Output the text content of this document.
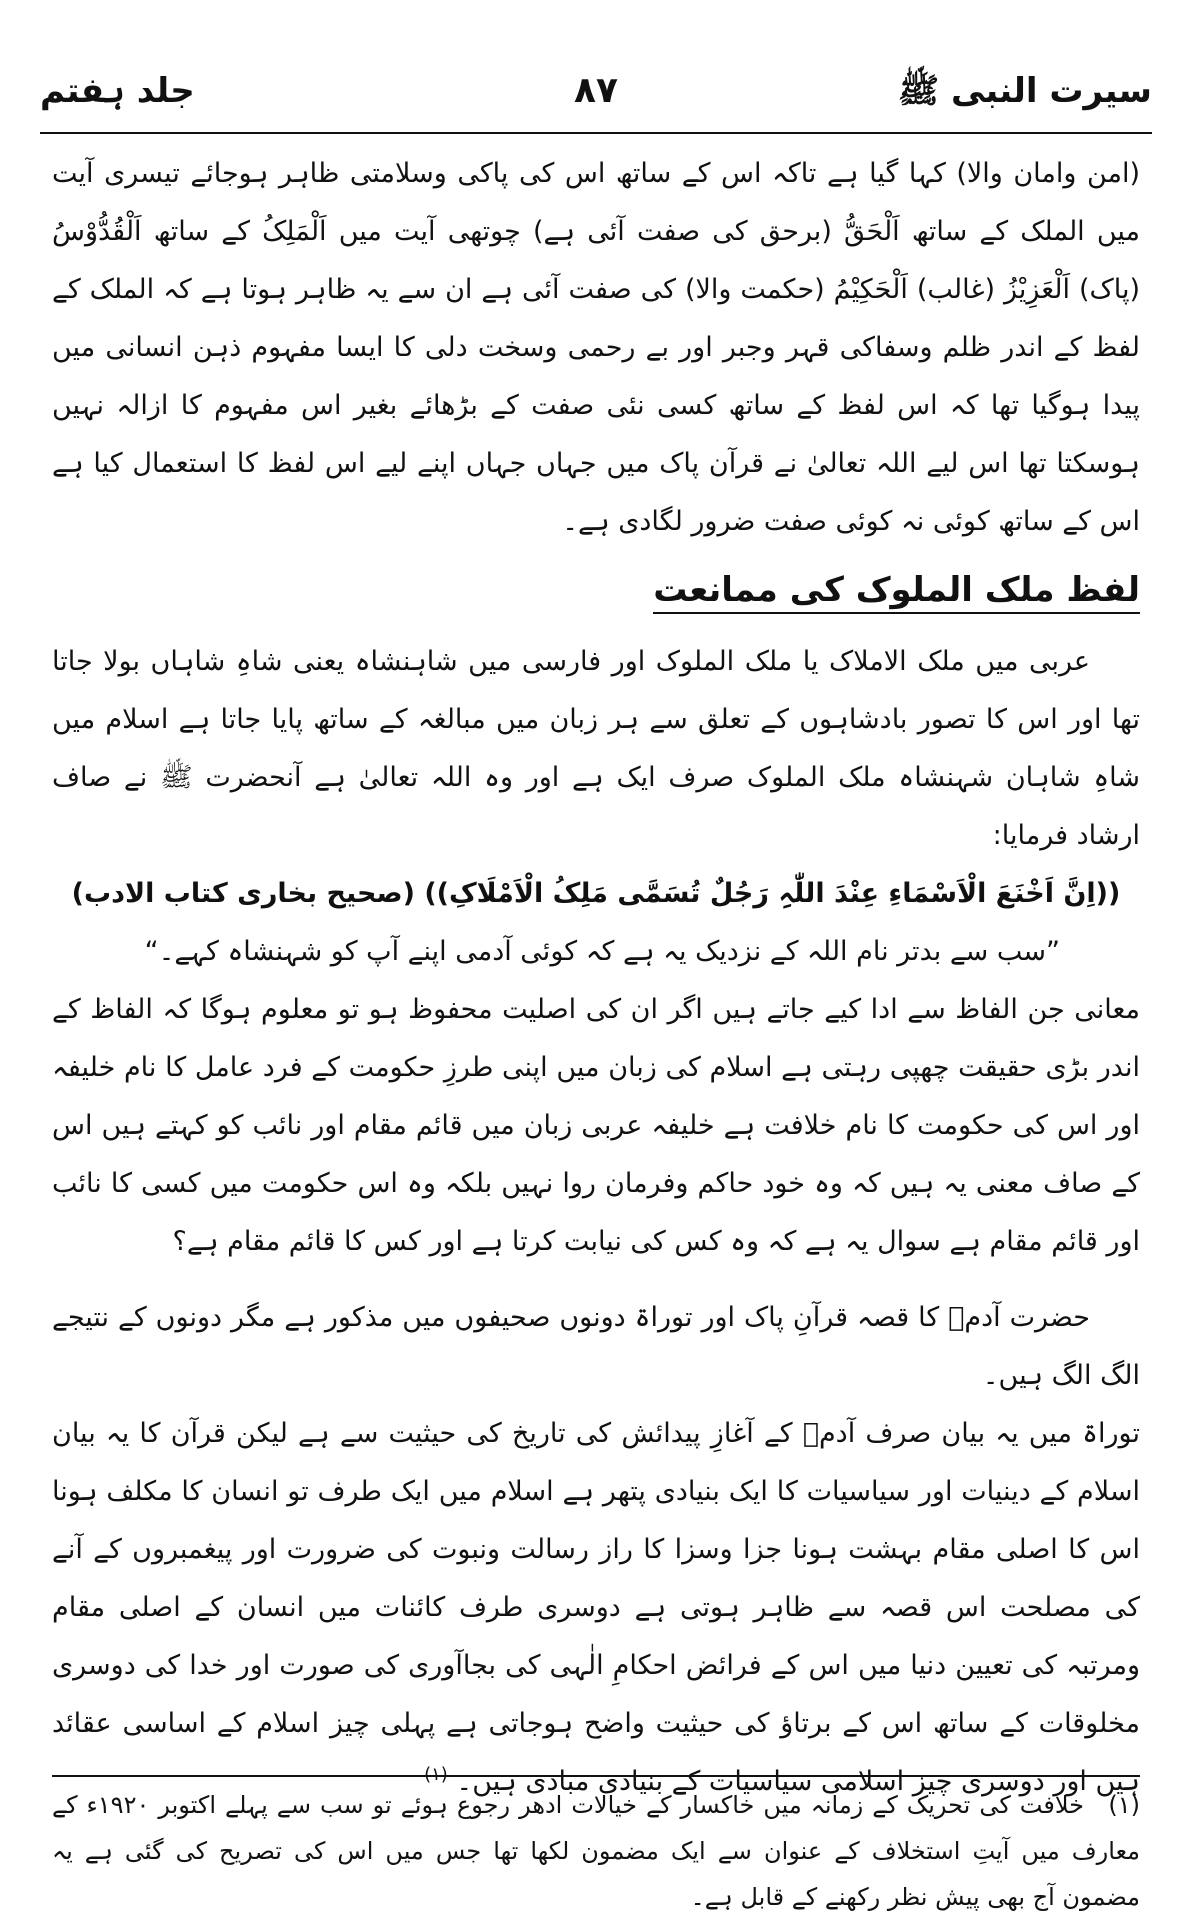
سیرت النبی ﷺ
۸۷
جلد ہفتم

(امن وامان والا) کہا گیا ہے تاکہ اس کے ساتھ اس کی پاکی وسلامتی ظاہر ہوجائے تیسری آیت میں الملک کے ساتھ اَلْحَقُّ (برحق کی صفت آئی ہے) چوتھی آیت میں اَلْمَلِکُ کے ساتھ اَلْقُدُّوْسُ (پاک) اَلْعَزِیْزُ (غالب) اَلْحَکِیْمُ (حکمت والا) کی صفت آئی ہے ان سے یہ ظاہر ہوتا ہے کہ الملک کے لفظ کے اندر ظلم وسفاکی قہر وجبر اور بے رحمی وسخت دلی کا ایسا مفہوم ذہن انسانی میں پیدا ہوگیا تھا کہ اس لفظ کے ساتھ کسی نئی صفت کے بڑھائے بغیر اس مفہوم کا ازالہ نہیں ہوسکتا تھا اس لیے اللہ تعالیٰ نے قرآن پاک میں جہاں جہاں اپنے لیے اس لفظ کا استعمال کیا ہے اس کے ساتھ کوئی نہ کوئی صفت ضرور لگادی ہے۔

لفظ ملک الملوک کی ممانعت

عربی میں ملک الاملاک یا ملک الملوک اور فارسی میں شاہنشاہ یعنی شاہِ شاہاں بولا جاتا تھا اور اس کا تصور بادشاہوں کے تعلق سے ہر زبان میں مبالغہ کے ساتھ پایا جاتا ہے اسلام میں شاہِ شاہان شہنشاہ ملک الملوک صرف ایک ہے اور وہ اللہ تعالیٰ ہے آنحضرت ﷺ نے صاف ارشاد فرمایا:

((اِنَّ اَخْنَعَ الْاَسْمَاءِ عِنْدَ اللّٰہِ رَجُلٌ تُسَمَّی مَلِکُ الْاَمْلَاکِ)) (صحیح بخاری کتاب الادب)

”سب سے بدتر نام اللہ کے نزدیک یہ ہے کہ کوئی آدمی اپنے آپ کو شہنشاہ کہے۔“

معانی جن الفاظ سے ادا کیے جاتے ہیں اگر ان کی اصلیت محفوظ ہو تو معلوم ہوگا کہ الفاظ کے اندر بڑی حقیقت چھپی رہتی ہے اسلام کی زبان میں اپنی طرزِ حکومت کے فرد عامل کا نام خلیفہ اور اس کی حکومت کا نام خلافت ہے خلیفہ عربی زبان میں قائم مقام اور نائب کو کہتے ہیں اس کے صاف معنی یہ ہیں کہ وہ خود حاکم وفرمان روا نہیں بلکہ وہ اس حکومت میں کسی کا نائب اور قائم مقام ہے سوال یہ ہے کہ وہ کس کی نیابت کرتا ہے اور کس کا قائم مقام ہے؟

حضرت آدمؑ کا قصہ قرآنِ پاک اور توراۃ دونوں صحیفوں میں مذکور ہے مگر دونوں کے نتیجے الگ الگ ہیں۔

توراۃ میں یہ بیان صرف آدمؑ کے آغازِ پیدائش کی تاریخ کی حیثیت سے ہے لیکن قرآن کا یہ بیان اسلام کے دینیات اور سیاسیات کا ایک بنیادی پتھر ہے اسلام میں ایک طرف تو انسان کا مکلف ہونا اس کا اصلی مقام بہشت ہونا جزا وسزا کا راز رسالت ونبوت کی ضرورت اور پیغمبروں کے آنے کی مصلحت اس قصہ سے ظاہر ہوتی ہے دوسری طرف کائنات میں انسان کے اصلی مقام ومرتبہ کی تعیین دنیا میں اس کے فرائض احکامِ الٰہی کی بجاآوری کی صورت اور خدا کی دوسری مخلوقات کے ساتھ اس کے برتاؤ کی حیثیت واضح ہوجاتی ہے پہلی چیز اسلام کے اساسی عقائد ہیں اور دوسری چیز اسلامی سیاسیات کے بنیادی مبادی ہیں۔ $^{(۱)}$

(۱)خلافت کی تحریک کے زمانہ میں خاکسار کے خیالات ادھر رجوع ہوئے تو سب سے پہلے اکتوبر ۱۹۲۰ء کے معارف میں آیتِ استخلاف کے عنوان سے ایک مضمون لکھا تھا جس میں اس کی تصریح کی گئی ہے یہ مضمون آج بھی پیش نظر رکھنے کے قابل ہے۔
